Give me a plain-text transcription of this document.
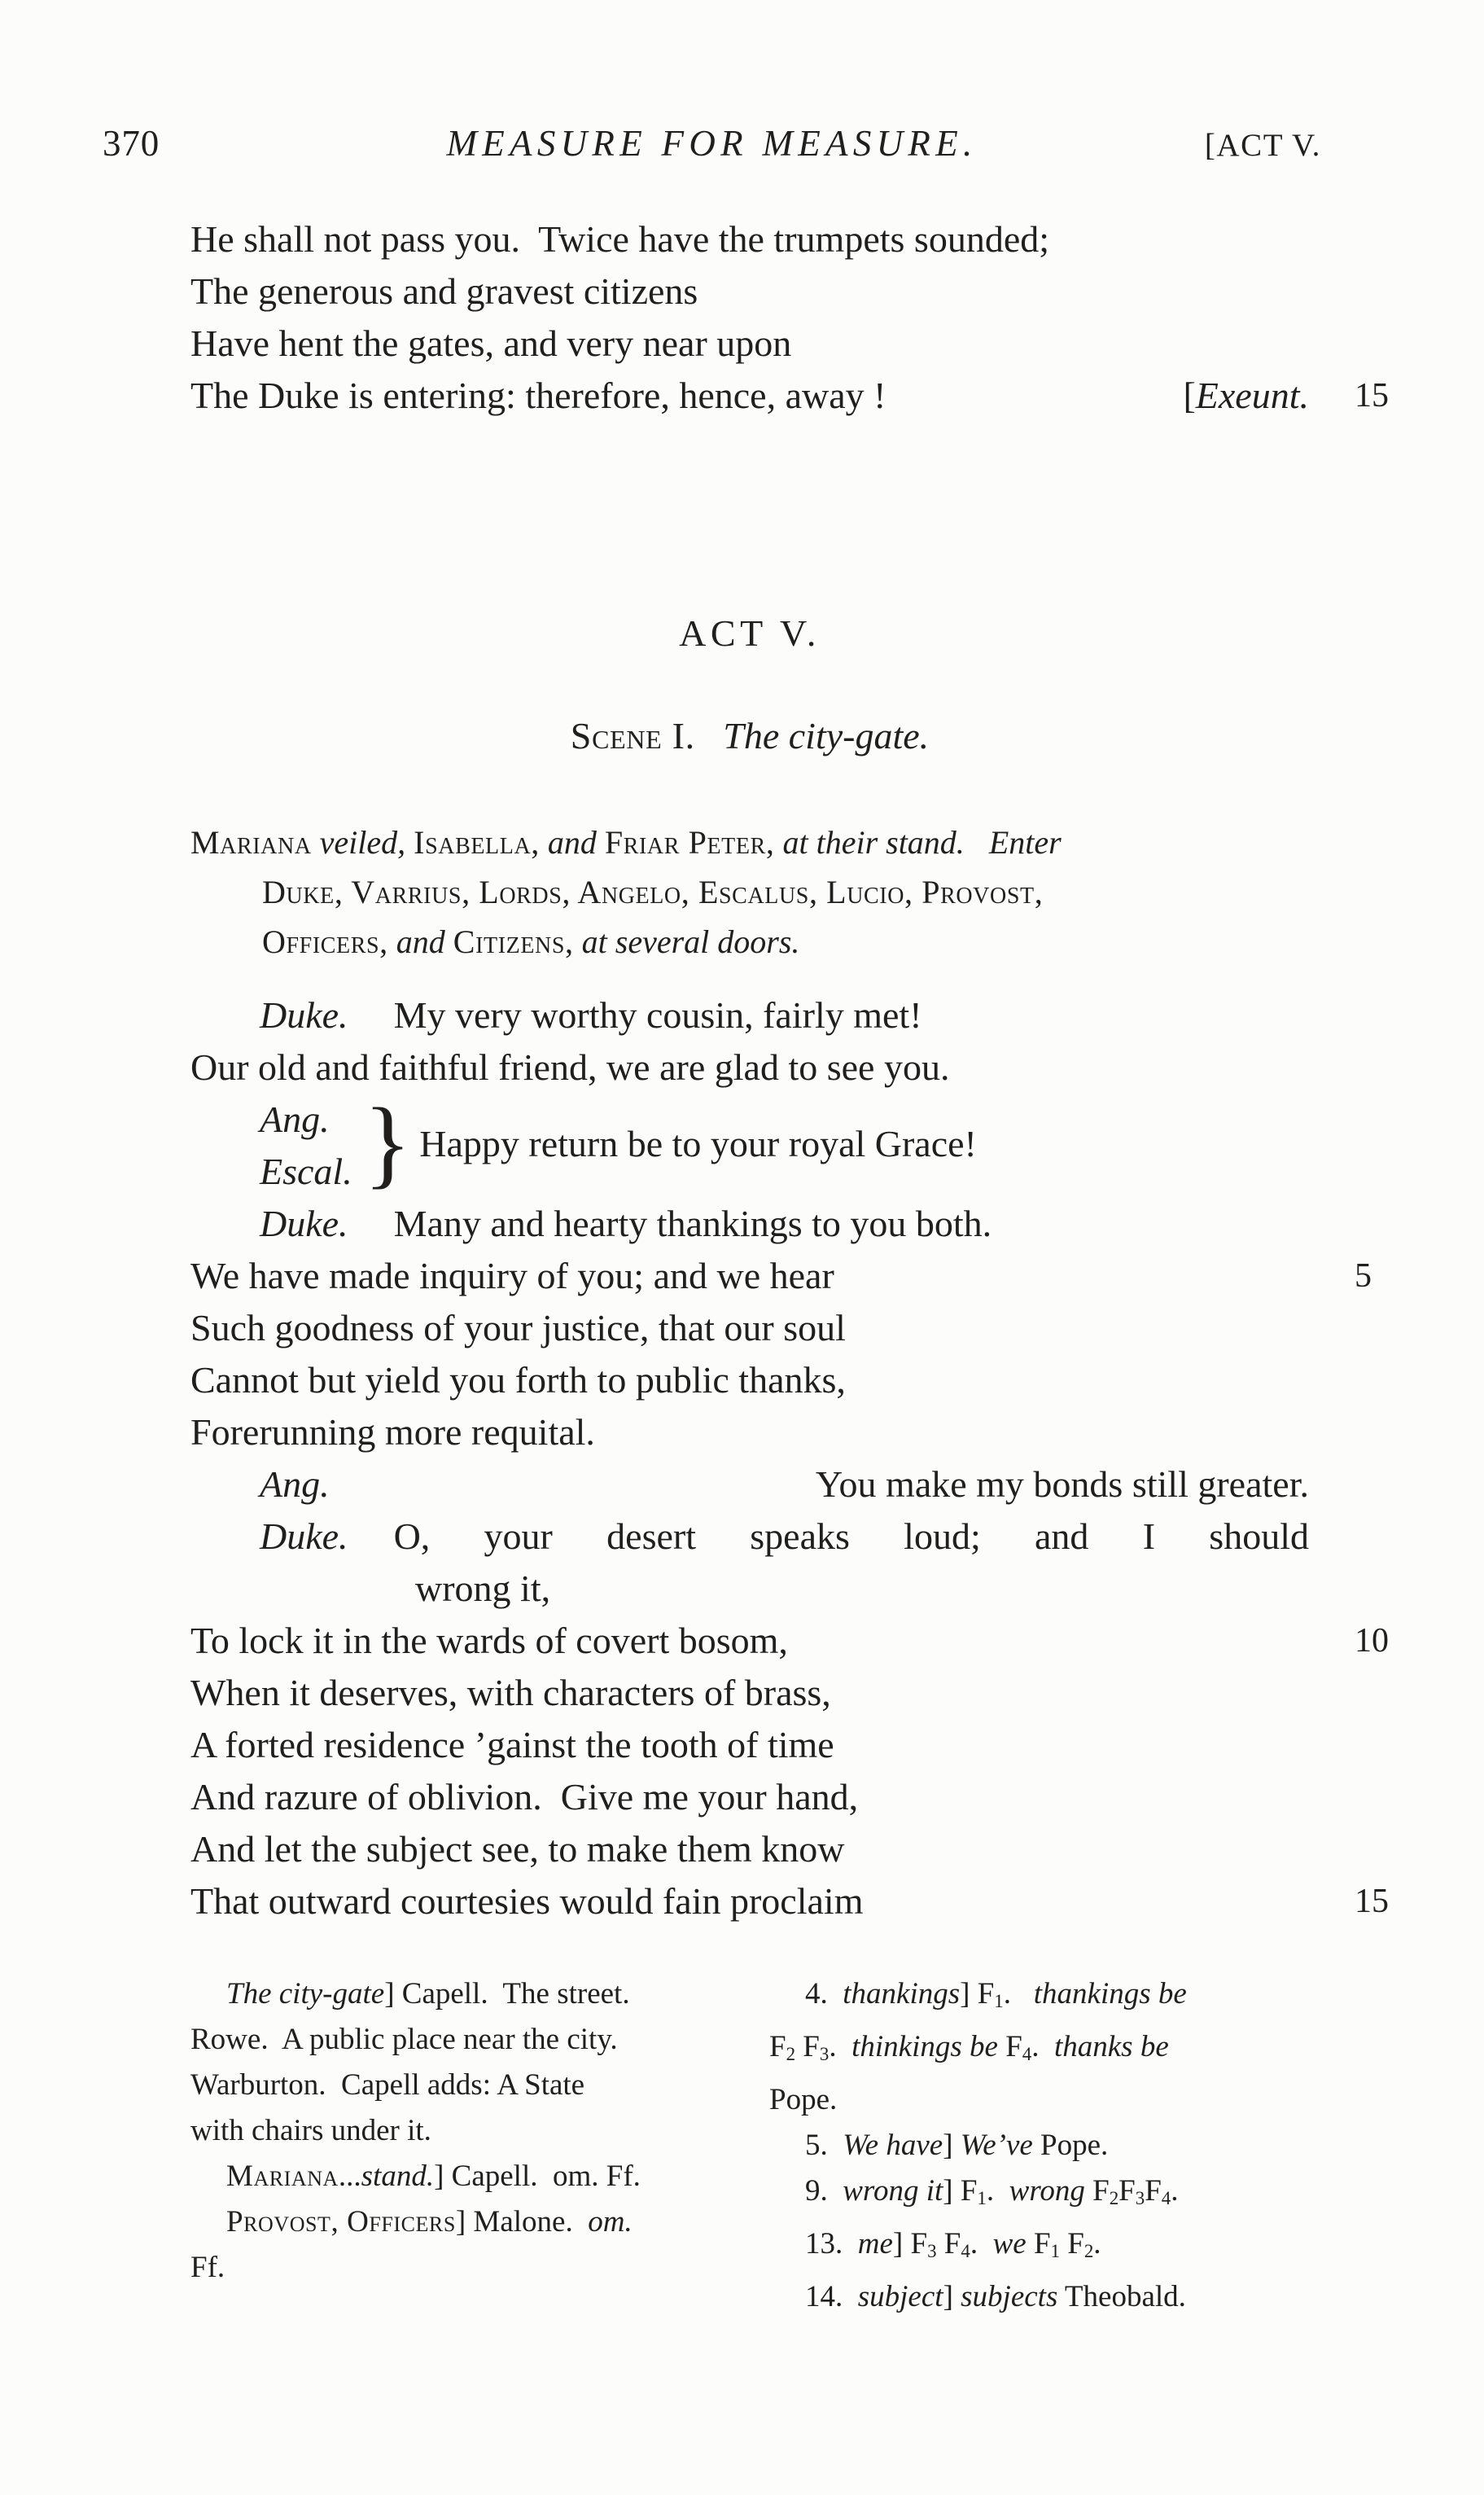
370	MEASURE FOR MEASURE.	[ACT V.
He shall not pass you.  Twice have the trumpets sounded;
The generous and gravest citizens
Have hent the gates, and very near upon
The Duke is entering: therefore, hence, away !	[Exeunt. 15
ACT V.
Scene I. The city-gate.
Mariana veiled, Isabella, and Friar Peter, at their stand. Enter
Duke, Varrius, Lords, Angelo, Escalus, Lucio, Provost,
Officers, and Citizens, at several doors.
Duke. My very worthy cousin, fairly met!
Our old and faithful friend, we are glad to see you.
Ang.
Escal. } Happy return be to your royal Grace!
Duke. Many and hearty thankings to you both.
We have made inquiry of you; and we hear	5
Such goodness of your justice, that our soul
Cannot but yield you forth to public thanks,
Forerunning more requital.
Ang.	You make my bonds still greater.
Duke. O, your desert speaks loud; and I should
wrong it,
To lock it in the wards of covert bosom,	10
When it deserves, with characters of brass,
A forted residence ’gainst the tooth of time
And razure of oblivion.  Give me your hand,
And let the subject see, to make them know
That outward courtesies would fain proclaim	15
The city-gate] Capell.  The street.
Rowe.  A public place near the city.
Warburton.  Capell adds: A State
with chairs under it.
Mariana...stand.] Capell.  om. Ff.
Provost, Officers] Malone.  om.
Ff.
4.  thankings] $F_1$.   thankings be
$F_2$ $F_3$.  thinkings be $F_4$.  thanks be
Pope.
5.  We have] We’ve Pope.
9.  wrong it] $F_1$.  wrong $F_2F_3F_4$.
13.  me] $F_3$ $F_4$.  we $F_1$ $F_2$.
14.  subject] subjects Theobald.
